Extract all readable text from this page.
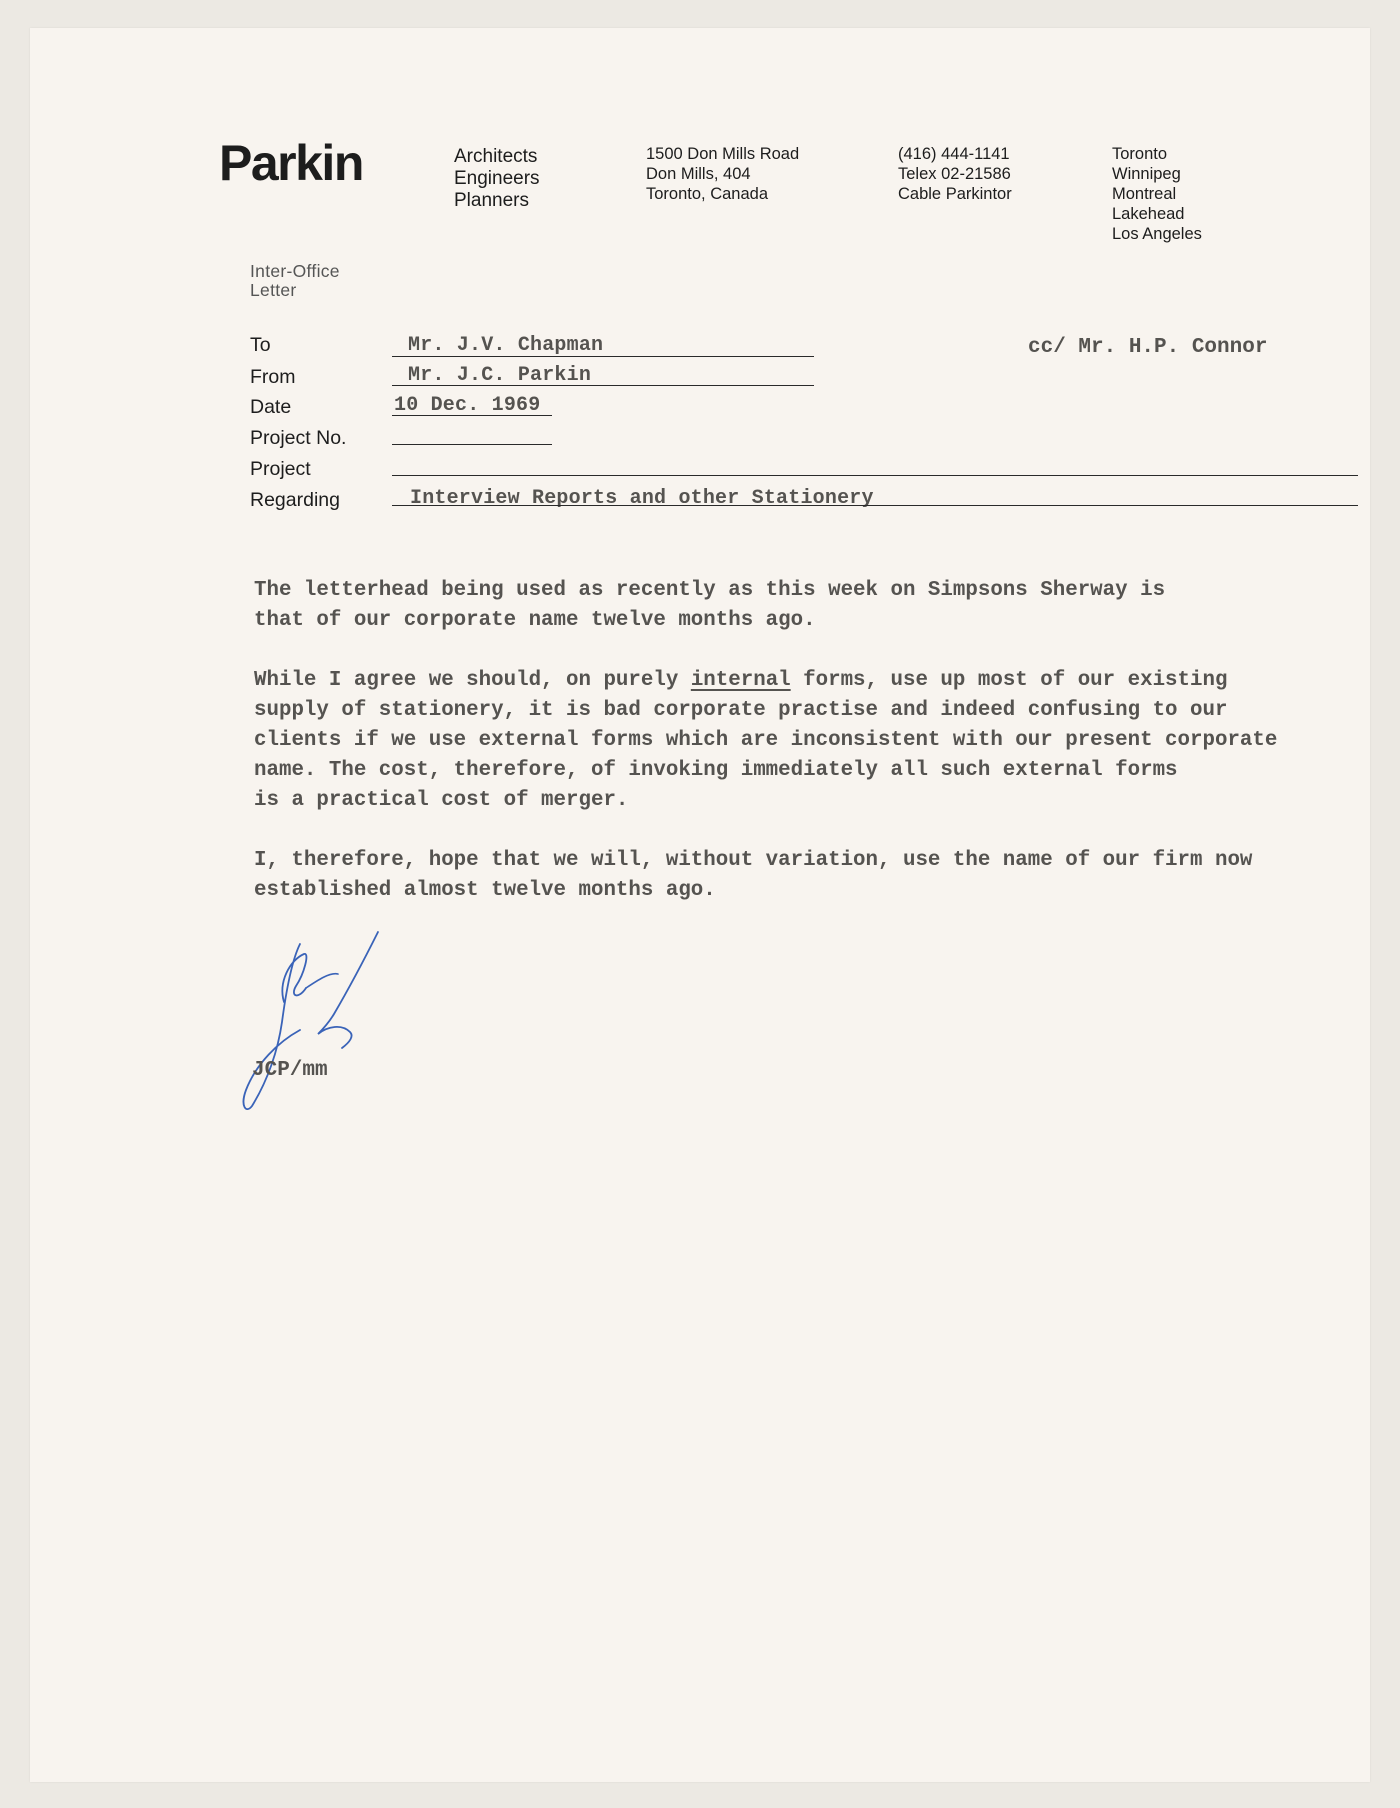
Parkin	Architects
Engineers
Planners
1500 Don Mills Road
Don Mills, 404
Toronto, Canada
(416) 444-1141
Telex 02-21586
Cable Parkintor
Toronto
Winnipeg
Montreal
Lakehead
Los Angeles
Inter-Office
Letter
To	Mr. J.V. Chapman
From	Mr. J.C. Parkin
Date	10 Dec. 1969
Project No.
Project
Regarding	Interview Reports and other Stationery
cc/ Mr. H.P. Connor
The letterhead being used as recently as this week on Simpsons Sherway is
that of our corporate name twelve months ago.
While I agree we should, on purely internal forms, use up most of our existing
supply of stationery, it is bad corporate practise and indeed confusing to our
clients if we use external forms which are inconsistent with our present corporate
name. The cost, therefore, of invoking immediately all such external forms
is a practical cost of merger.
I, therefore, hope that we will, without variation, use the name of our firm now
established almost twelve months ago.
JCP/mm
